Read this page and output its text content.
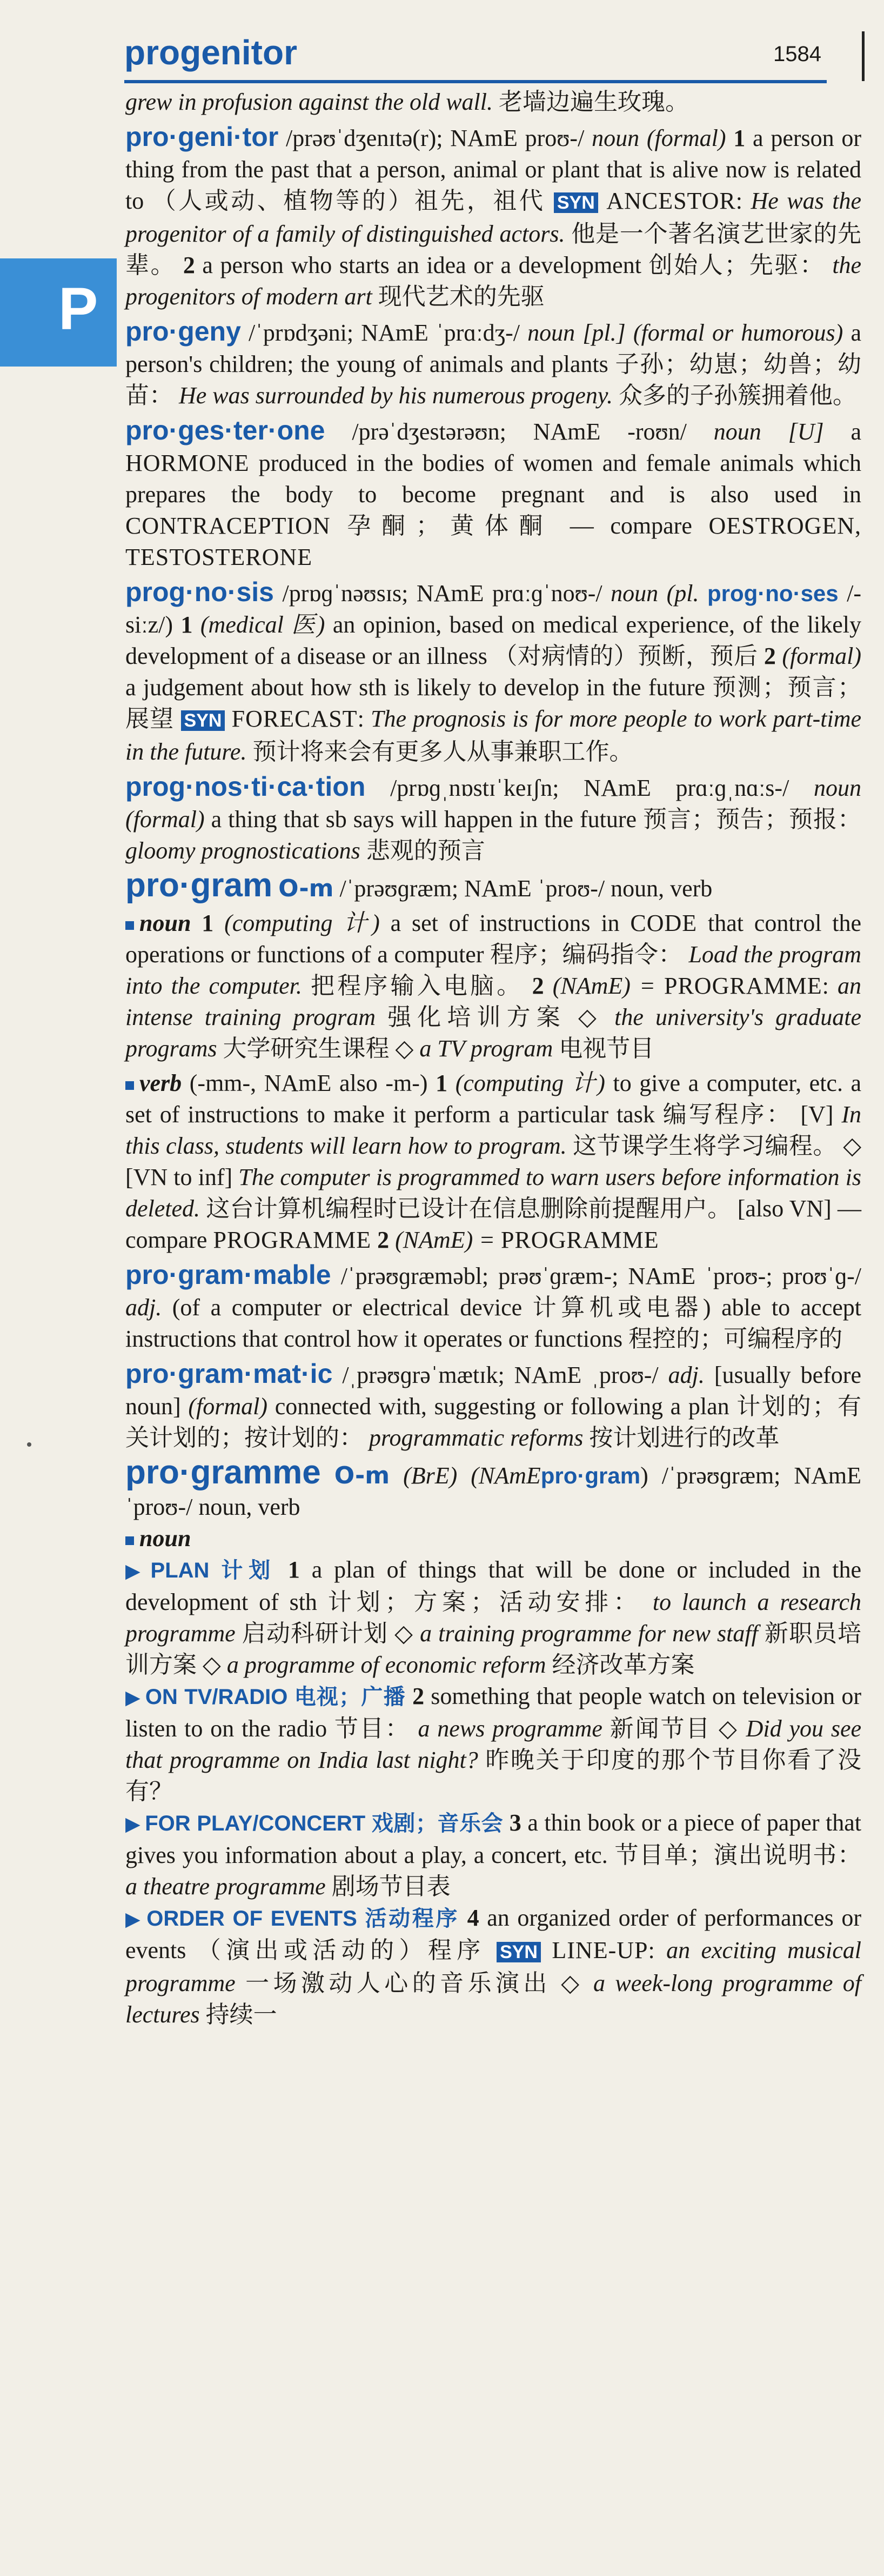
progenitor	1584
P
grew in profusion against the old wall. 老墙边遍生玫瑰。
pro·geni·tor /prəʊˈdʒenɪtə(r); NAmE proʊ-/ noun (formal) 1 a person or thing from the past that a person, animal or plant that is alive now is related to （人或动、植物等的）祖先，祖代 SYN ANCESTOR: He was the progenitor of a family of distinguished actors. 他是一个著名演艺世家的先辈。 2 a person who starts an idea or a development 创始人；先驱： the progenitors of modern art 现代艺术的先驱
pro·geny /ˈprɒdʒəni; NAmE ˈprɑːdʒ-/ noun [pl.] (formal or humorous) a person's children; the young of animals and plants 子孙；幼崽；幼兽；幼苗： He was surrounded by his numerous progeny. 众多的子孙簇拥着他。
pro·ges·ter·one /prəˈdʒestərəʊn; NAmE -roʊn/ noun [U] a HORMONE produced in the bodies of women and female animals which prepares the body to become pregnant and is also used in CONTRACEPTION 孕酮；黄体酮 — compare OESTROGEN, TESTOSTERONE
prog·no·sis /prɒɡˈnəʊsɪs; NAmE prɑːɡˈnoʊ-/ noun (pl. prog·no·ses /-siːz/) 1 (medical 医) an opinion, based on medical experience, of the likely development of a disease or an illness （对病情的）预断，预后 2 (formal) a judgement about how sth is likely to develop in the future 预测；预言；展望 SYN FORECAST: The prognosis is for more people to work part-time in the future. 预计将来会有更多人从事兼职工作。
prog·nos·ti·ca·tion /prɒɡˌnɒstɪˈkeɪʃn; NAmE prɑːɡˌnɑːs-/ noun (formal) a thing that sb says will happen in the future 预言；预告；预报： gloomy prognostications 悲观的预言
pro·gram O-m /ˈprəʊɡræm; NAmE ˈproʊ-/ noun, verb
noun 1 (computing 计) a set of instructions in CODE that control the operations or functions of a computer 程序；编码指令： Load the program into the computer. 把程序输入电脑。 2 (NAmE) = PROGRAMME: an intense training program 强化培训方案 ◇ the university's graduate programs 大学研究生课程 ◇ a TV program 电视节目
verb (-mm-, NAmE also -m-) 1 (computing 计) to give a computer, etc. a set of instructions to make it perform a particular task 编写程序： [V] In this class, students will learn how to program. 这节课学生将学习编程。 ◇ [VN to inf] The computer is programmed to warn users before information is deleted. 这台计算机编程时已设计在信息删除前提醒用户。 [also VN] — compare PROGRAMME 2 (NAmE) = PROGRAMME
pro·gram·mable /ˈprəʊɡræməbl; prəʊˈɡræm-; NAmE ˈproʊ-; proʊˈɡ-/ adj. (of a computer or electrical device 计算机或电器) able to accept instructions that control how it operates or functions 程控的；可编程序的
pro·gram·mat·ic /ˌprəʊɡrəˈmætɪk; NAmE ˌproʊ-/ adj. [usually before noun] (formal) connected with, suggesting or following a plan 计划的；有关计划的；按计划的： programmatic reforms 按计划进行的改革
pro·gramme O-m (BrE) (NAmEpro·gram) /ˈprəʊɡræm; NAmE ˈproʊ-/ noun, verb
noun
▶ PLAN 计划 1 a plan of things that will be done or included in the development of sth 计划；方案；活动安排： to launch a research programme 启动科研计划 ◇ a training programme for new staff 新职员培训方案 ◇ a programme of economic reform 经济改革方案
▶ ON TV/RADIO 电视；广播 2 something that people watch on television or listen to on the radio 节目： a news programme 新闻节目 ◇ Did you see that programme on India last night? 昨晚关于印度的那个节目你看了没有？
▶ FOR PLAY/CONCERT 戏剧；音乐会 3 a thin book or a piece of paper that gives you information about a play, a concert, etc. 节目单；演出说明书： a theatre programme 剧场节目表
▶ ORDER OF EVENTS 活动程序 4 an organized order of performances or events （演出或活动的）程序 SYN LINE-UP: an exciting musical programme 一场激动人心的音乐演出 ◇ a week-long programme of lectures 持续一
